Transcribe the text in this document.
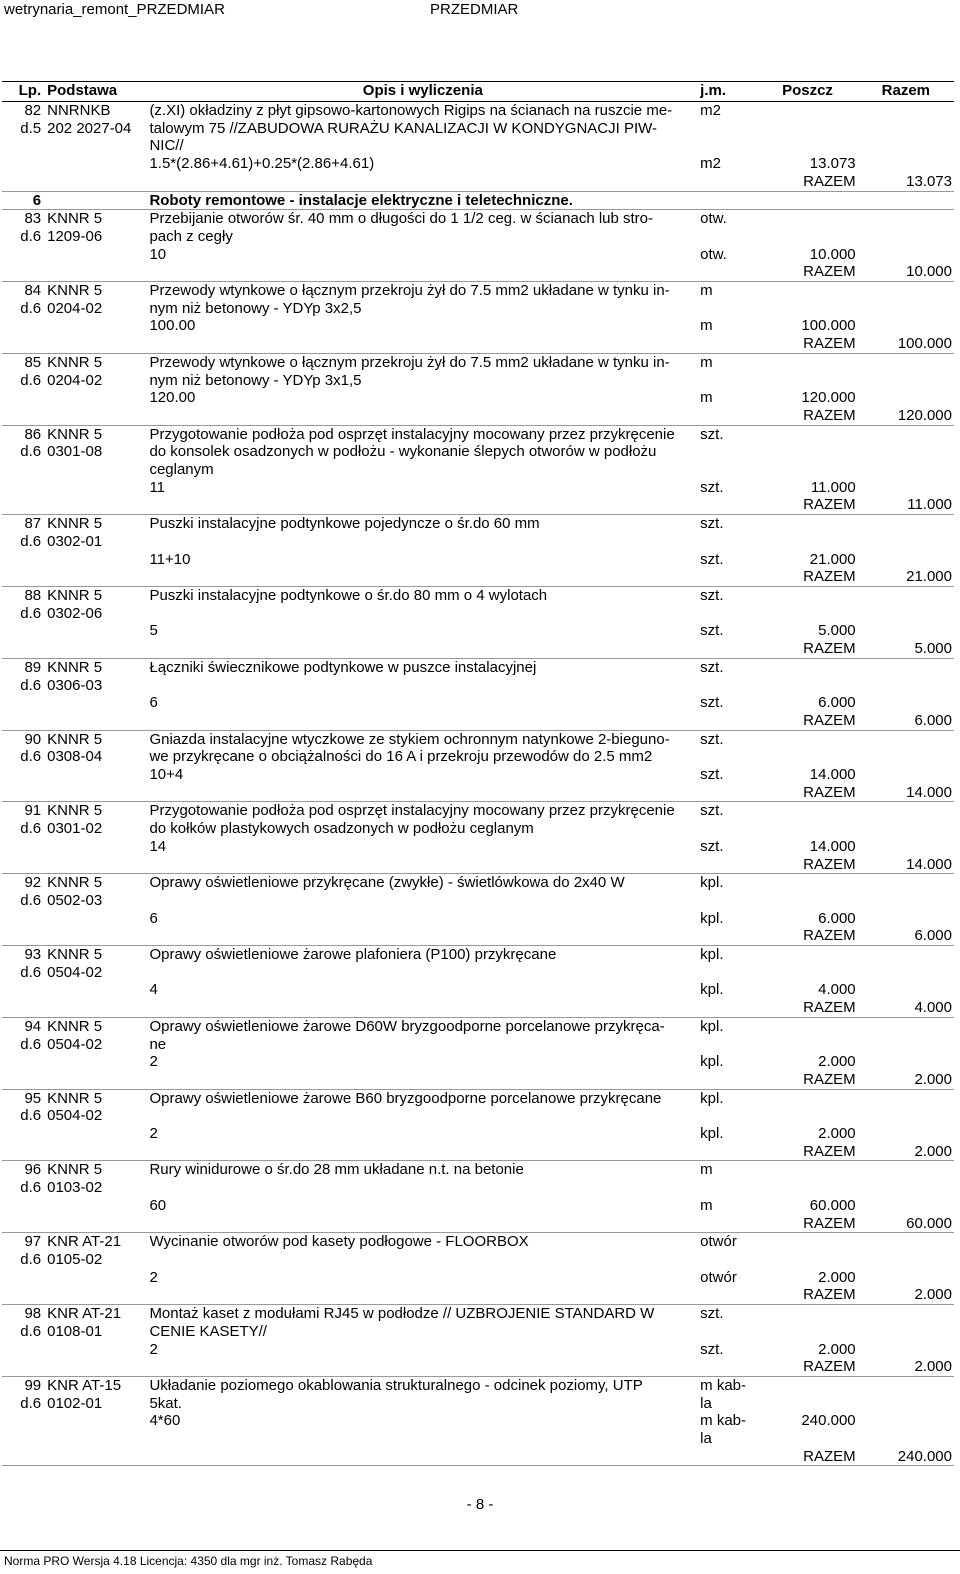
wetrynaria_remont_PRZEDMIAR	PRZEDMIAR
Lp.	Podstawa	Opis i wyliczenia	j.m.	Poszcz	Razem
82
d.5	NNRNKB
202 2027-04	(z.XI) okładziny z płyt gipsowo-kartonowych Rigips na ścianach na ruszcie me-
talowym 75 //ZABUDOWA RURAŻU KANALIZACJI W KONDYGNACJI PIW-
NIC//	m2		
		1.5*(2.86+4.61)+0.25*(2.86+4.61)	m2	13.073	
				RAZEM	13.073
6		Roboty remontowe - instalacje elektryczne i teletechniczne.			
83
d.6	KNNR 5
1209-06	Przebijanie otworów śr. 40 mm o długości do 1 1/2 ceg. w ścianach lub stro-
pach z cegły	otw.		
		10	otw.	10.000	
				RAZEM	10.000
84
d.6	KNNR 5
0204-02	Przewody wtynkowe o łącznym przekroju żył do 7.5 mm2 układane w tynku in-
nym niż betonowy - YDYp 3x2,5	m		
		100.00	m	100.000	
				RAZEM	100.000
85
d.6	KNNR 5
0204-02	Przewody wtynkowe o łącznym przekroju żył do 7.5 mm2 układane w tynku in-
nym niż betonowy - YDYp 3x1,5	m		
		120.00	m	120.000	
				RAZEM	120.000
86
d.6	KNNR 5
0301-08	Przygotowanie podłoża pod osprzęt instalacyjny mocowany przez przykręcenie
do konsolek osadzonych w podłożu - wykonanie ślepych otworów w podłożu
ceglanym	szt.		
		11	szt.	11.000	
				RAZEM	11.000
87
d.6	KNNR 5
0302-01	Puszki instalacyjne podtynkowe pojedyncze o śr.do 60 mm	szt.		
		11+10	szt.	21.000	
				RAZEM	21.000
88
d.6	KNNR 5
0302-06	Puszki instalacyjne podtynkowe o śr.do 80 mm o 4 wylotach	szt.		
		5	szt.	5.000	
				RAZEM	5.000
89
d.6	KNNR 5
0306-03	Łączniki świecznikowe podtynkowe w puszce instalacyjnej	szt.		
		6	szt.	6.000	
				RAZEM	6.000
90
d.6	KNNR 5
0308-04	Gniazda instalacyjne wtyczkowe ze stykiem ochronnym natynkowe 2-bieguno-
we przykręcane o obciążalności do 16 A i przekroju przewodów do 2.5 mm2	szt.		
		10+4	szt.	14.000	
				RAZEM	14.000
91
d.6	KNNR 5
0301-02	Przygotowanie podłoża pod osprzęt instalacyjny mocowany przez przykręcenie
do kołków plastykowych osadzonych w podłożu ceglanym	szt.		
		14	szt.	14.000	
				RAZEM	14.000
92
d.6	KNNR 5
0502-03	Oprawy oświetleniowe przykręcane (zwykłe) - świetlówkowa do 2x40 W	kpl.		
		6	kpl.	6.000	
				RAZEM	6.000
93
d.6	KNNR 5
0504-02	Oprawy oświetleniowe żarowe plafoniera (P100) przykręcane	kpl.		
		4	kpl.	4.000	
				RAZEM	4.000
94
d.6	KNNR 5
0504-02	Oprawy oświetleniowe żarowe D60W bryzgoodporne porcelanowe przykręca-
ne	kpl.		
		2	kpl.	2.000	
				RAZEM	2.000
95
d.6	KNNR 5
0504-02	Oprawy oświetleniowe żarowe B60 bryzgoodporne porcelanowe przykręcane	kpl.		
		2	kpl.	2.000	
				RAZEM	2.000
96
d.6	KNNR 5
0103-02	Rury winidurowe o śr.do 28 mm układane n.t. na betonie	m		
		60	m	60.000	
				RAZEM	60.000
97
d.6	KNR AT-21
0105-02	Wycinanie otworów pod kasety podłogowe - FLOORBOX	otwór		
		2	otwór	2.000	
				RAZEM	2.000
98
d.6	KNR AT-21
0108-01	Montaż kaset z modułami RJ45 w podłodze // UZBROJENIE STANDARD W
CENIE KASETY//	szt.		
		2	szt.	2.000	
				RAZEM	2.000
99
d.6	KNR AT-15
0102-01	Układanie poziomego okablowania strukturalnego - odcinek poziomy, UTP
5kat.	m kab-
la		
		4*60	m kab-
la	240.000	
				RAZEM	240.000
- 8 -
Norma PRO Wersja 4.18 Licencja: 4350 dla mgr inż. Tomasz Rabęda
